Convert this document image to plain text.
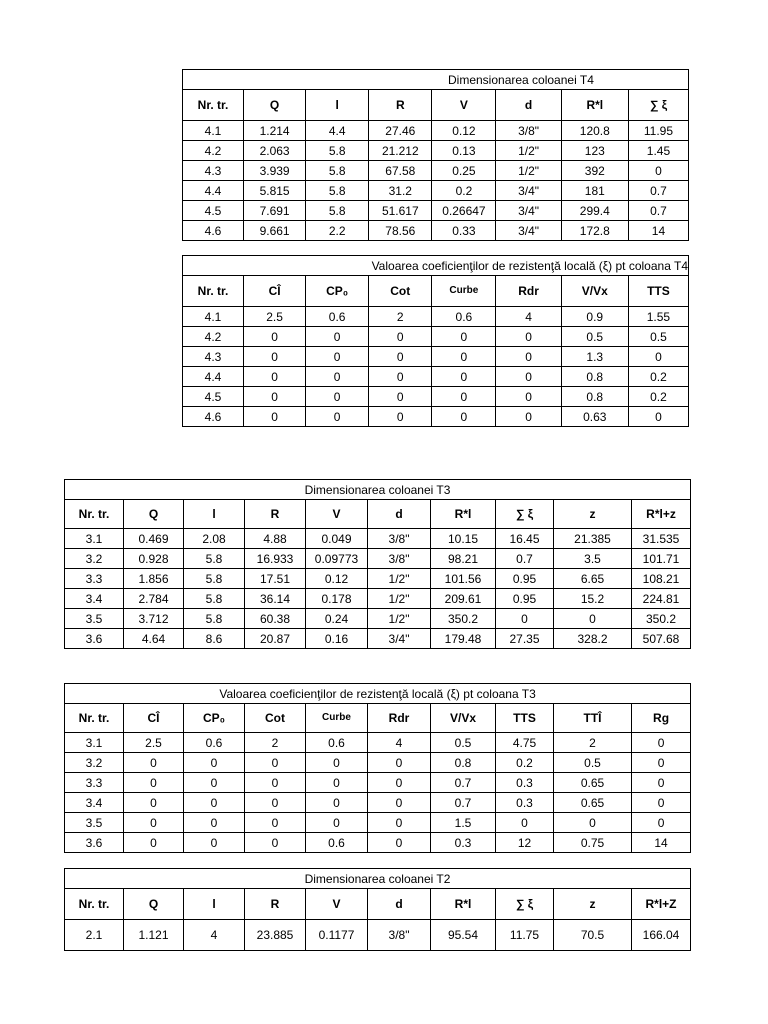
Dimensionarea coloanei T4							
Nr. tr.	Q	l	R	V	d	R*l	∑ ξ
4.1	1.214	4.4	27.46	0.12	3/8"	120.8	11.95
4.2	2.063	5.8	21.212	0.13	1/2"	123	1.45
4.3	3.939	5.8	67.58	0.25	1/2"	392	0
4.4	5.815	5.8	31.2	0.2	3/4"	181	0.7
4.5	7.691	5.8	51.617	0.26647	3/4"	299.4	0.7
4.6	9.661	2.2	78.56	0.33	3/4"	172.8	14
Valoarea coeficienţilor de rezistenţă locală (ξ) pt coloana T4							
Nr. tr.	CÎ	CP₀	Cot	Curbe	Rdr	V/Vx	TTS
4.1	2.5	0.6	2	0.6	4	0.9	1.55
4.2	0	0	0	0	0	0.5	0.5
4.3	0	0	0	0	0	1.3	0
4.4	0	0	0	0	0	0.8	0.2
4.5	0	0	0	0	0	0.8	0.2
4.6	0	0	0	0	0	0.63	0
Dimensionarea coloanei T3									
Nr. tr.	Q	l	R	V	d	R*l	∑ ξ	z	R*l+z
3.1	0.469	2.08	4.88	0.049	3/8"	10.15	16.45	21.385	31.535
3.2	0.928	5.8	16.933	0.09773	3/8"	98.21	0.7	3.5	101.71
3.3	1.856	5.8	17.51	0.12	1/2"	101.56	0.95	6.65	108.21
3.4	2.784	5.8	36.14	0.178	1/2"	209.61	0.95	15.2	224.81
3.5	3.712	5.8	60.38	0.24	1/2"	350.2	0	0	350.2
3.6	4.64	8.6	20.87	0.16	3/4"	179.48	27.35	328.2	507.68
Valoarea coeficienţilor de rezistenţă locală (ξ) pt coloana T3									
Nr. tr.	CÎ	CP₀	Cot	Curbe	Rdr	V/Vx	TTS	TTÎ	Rg
3.1	2.5	0.6	2	0.6	4	0.5	4.75	2	0
3.2	0	0	0	0	0	0.8	0.2	0.5	0
3.3	0	0	0	0	0	0.7	0.3	0.65	0
3.4	0	0	0	0	0	0.7	0.3	0.65	0
3.5	0	0	0	0	0	1.5	0	0	0
3.6	0	0	0	0.6	0	0.3	12	0.75	14
Dimensionarea coloanei T2									
Nr. tr.	Q	l	R	V	d	R*l	∑ ξ	z	R*l+Z
2.1	1.121	4	23.885	0.1177	3/8"	95.54	11.75	70.5	166.04
